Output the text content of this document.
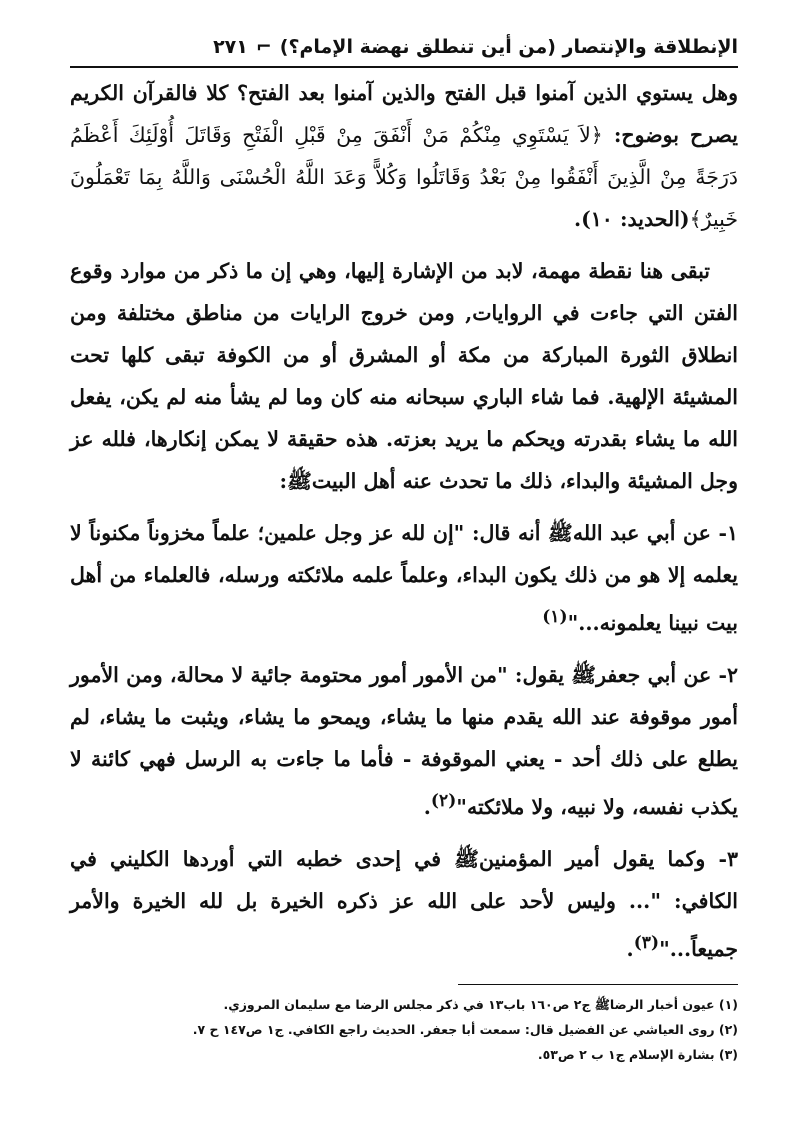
الإنطلاقة والإنتصار (من أين تنطلق نهضة الإمام؟)
⌐
٢٧١

وهل يستوي الذين آمنوا قبل الفتح والذين آمنوا بعد الفتح؟ كلا فالقرآن الكريم يصرح بوضوح: ﴿لاَ يَسْتَوِي مِنْكُمْ مَنْ أَنْفَقَ مِنْ قَبْلِ الْفَتْحِ وَقَاتَلَ أُوْلَئِكَ أَعْظَمُ دَرَجَةً مِنْ الَّذِينَ أَنْفَقُوا مِنْ بَعْدُ وَقَاتَلُوا وَكُلاًّ وَعَدَ اللَّهُ الْحُسْنَى وَاللَّهُ بِمَا تَعْمَلُونَ خَبِيرٌ﴾(الحديد: ١٠).

تبقى هنا نقطة مهمة، لابد من الإشارة إليها، وهي إن ما ذكر من موارد وقوع الفتن التي جاءت في الروايات, ومن خروج الرايات من مناطق مختلفة ومن انطلاق الثورة المباركة من مكة أو المشرق أو من الكوفة تبقى كلها تحت المشيئة الإلهية. فما شاء الباري سبحانه منه كان وما لم يشأ منه لم يكن، يفعل الله ما يشاء بقدرته ويحكم ما يريد بعزته. هذه حقيقة لا يمكن إنكارها، فلله عز وجل المشيئة والبداء، ذلك ما تحدث عنه أهل البيتﷺ:

١- عن أبي عبد اللهﷺ أنه قال: "إن لله عز وجل علمين؛ علماً مخزوناً مكنوناً لا يعلمه إلا هو من ذلك يكون البداء، وعلماً علمه ملائكته ورسله، فالعلماء من أهل بيت نبينا يعلمونه..."$^{(١)}$

٢- عن أبي جعفرﷺ يقول: "من الأمور أمور محتومة جائية لا محالة، ومن الأمور أمور موقوفة عند الله يقدم منها ما يشاء، ويمحو ما يشاء، ويثبت ما يشاء، لم يطلع على ذلك أحد - يعني الموقوفة - فأما ما جاءت به الرسل فهي كائنة لا يكذب نفسه، ولا نبيه، ولا ملائكته"$^{(٢)}$.

٣- وكما يقول أمير المؤمنينﷺ في إحدى خطبه التي أوردها الكليني في الكافي: "... وليس لأحد على الله عز ذكره الخيرة بل لله الخيرة والأمر جميعاً..."$^{(٣)}$.

(١) عيون أخبار الرضاﷺ ج٢ ص١٦٠ باب١٣ في ذكر مجلس الرضا مع سليمان المروزي.
(٢) روى العياشي عن الفضيل قال: سمعت أبا جعفر. الحديث راجع الكافي. ج١ ص١٤٧ ح ٧.
(٣) بشارة الإسلام ج١ ب ٢ ص٥٣.
